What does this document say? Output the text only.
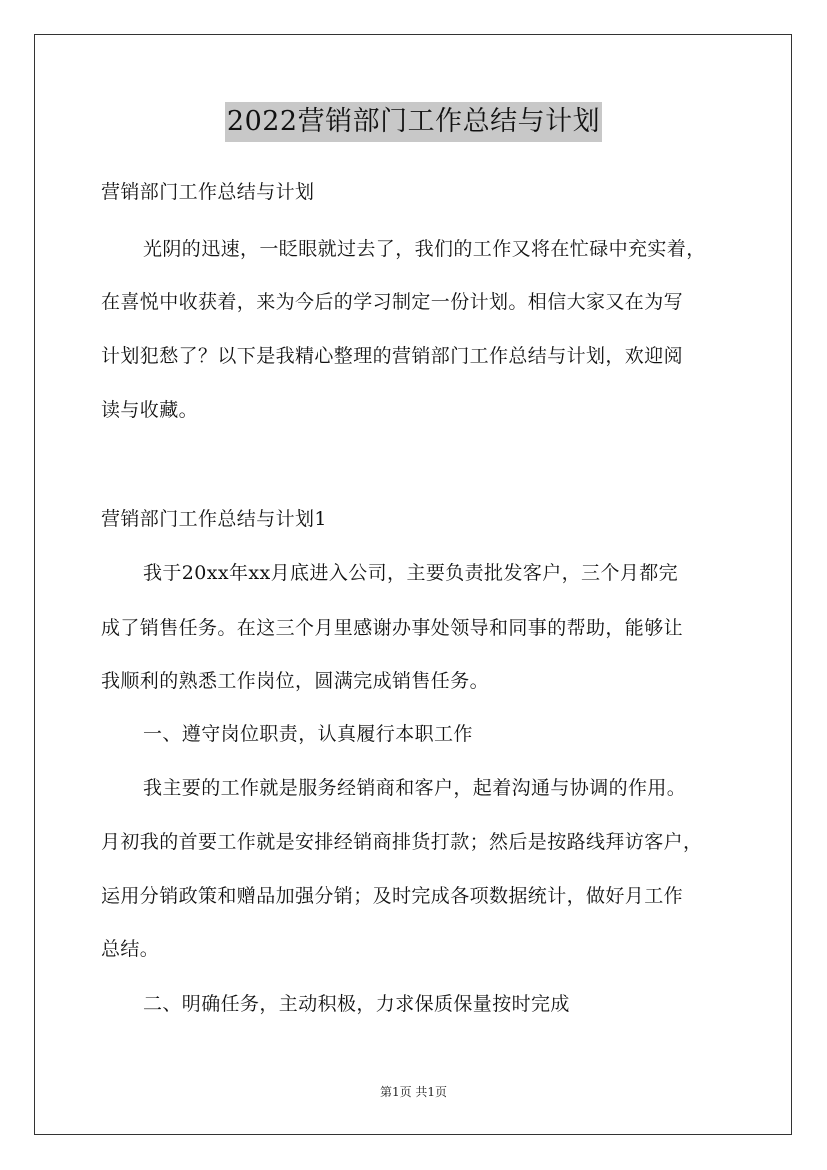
2022营销部门工作总结与计划
营销部门工作总结与计划
光阴的迅速，一眨眼就过去了，我们的工作又将在忙碌中充实着，
在喜悦中收获着，来为今后的学习制定一份计划。相信大家又在为写
计划犯愁了？以下是我精心整理的营销部门工作总结与计划，欢迎阅
读与收藏。
营销部门工作总结与计划1
我于20xx年xx月底进入公司，主要负责批发客户，三个月都完
成了销售任务。在这三个月里感谢办事处领导和同事的帮助，能够让
我顺利的熟悉工作岗位，圆满完成销售任务。
一、遵守岗位职责，认真履行本职工作
我主要的工作就是服务经销商和客户，起着沟通与协调的作用。
月初我的首要工作就是安排经销商排货打款；然后是按路线拜访客户，
运用分销政策和赠品加强分销；及时完成各项数据统计，做好月工作
总结。
二、明确任务，主动积极，力求保质保量按时完成
第1页 共1页
